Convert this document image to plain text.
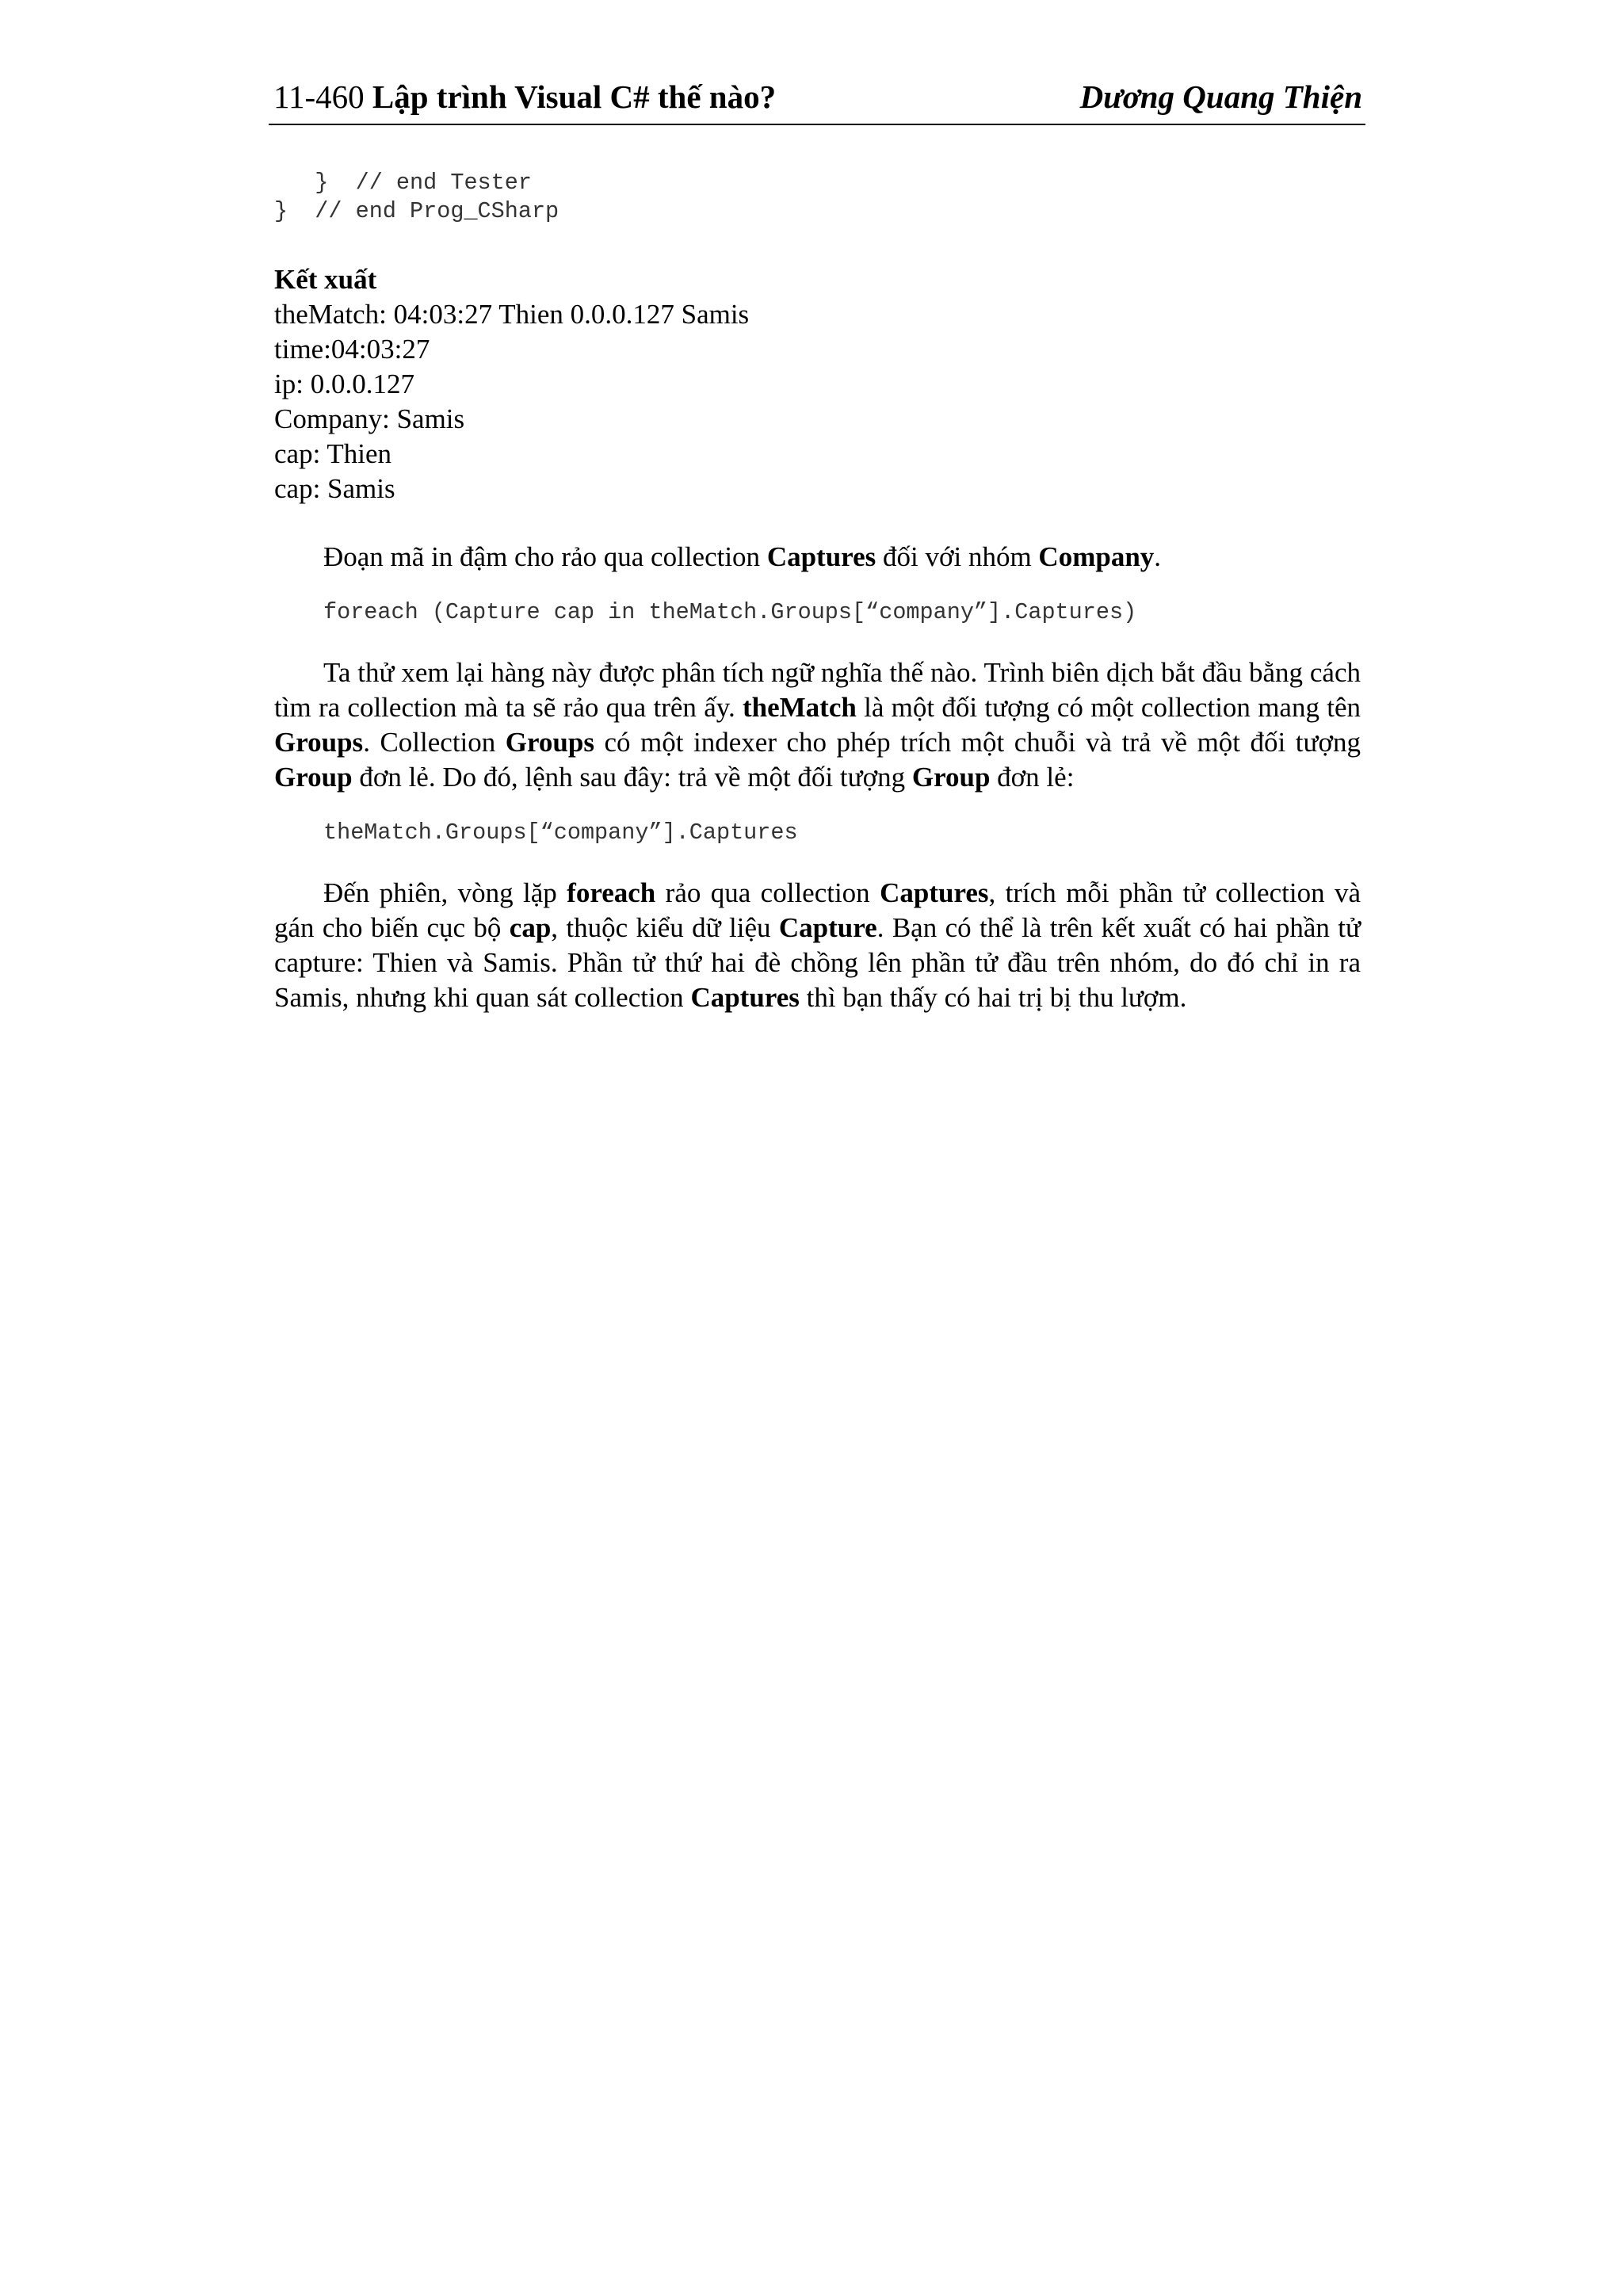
11-460 Lập trình Visual C# thế nào?	Dương Quang Thiện
}  // end Tester
}  // end Prog_CSharp
Kết xuất
theMatch: 04:03:27 Thien 0.0.0.127 Samis
time:04:03:27
ip: 0.0.0.127
Company: Samis
cap: Thien
cap: Samis

Đoạn mã in đậm cho rảo qua collection Captures đối với nhóm Company.

foreach (Capture cap in theMatch.Groups[“company”].Captures)

Ta thử xem lại hàng này được phân tích ngữ nghĩa thế nào. Trình biên dịch bắt đầu bằng cách tìm ra collection mà ta sẽ rảo qua trên ấy. theMatch là một đối tượng có một collection mang tên Groups. Collection Groups có một indexer cho phép trích một chuỗi và trả về một đối tượng Group đơn lẻ. Do đó, lệnh sau đây: trả về một đối tượng Group đơn lẻ:

theMatch.Groups[“company”].Captures

Đến phiên, vòng lặp foreach rảo qua collection Captures, trích mỗi phần tử collection và gán cho biến cục bộ cap, thuộc kiểu dữ liệu Capture. Bạn có thể là trên kết xuất có hai phần tử capture: Thien và Samis. Phần tử thứ hai đè chồng lên phần tử đầu trên nhóm, do đó chỉ in ra Samis, nhưng khi quan sát collection Captures thì bạn thấy có hai trị bị thu lượm.
